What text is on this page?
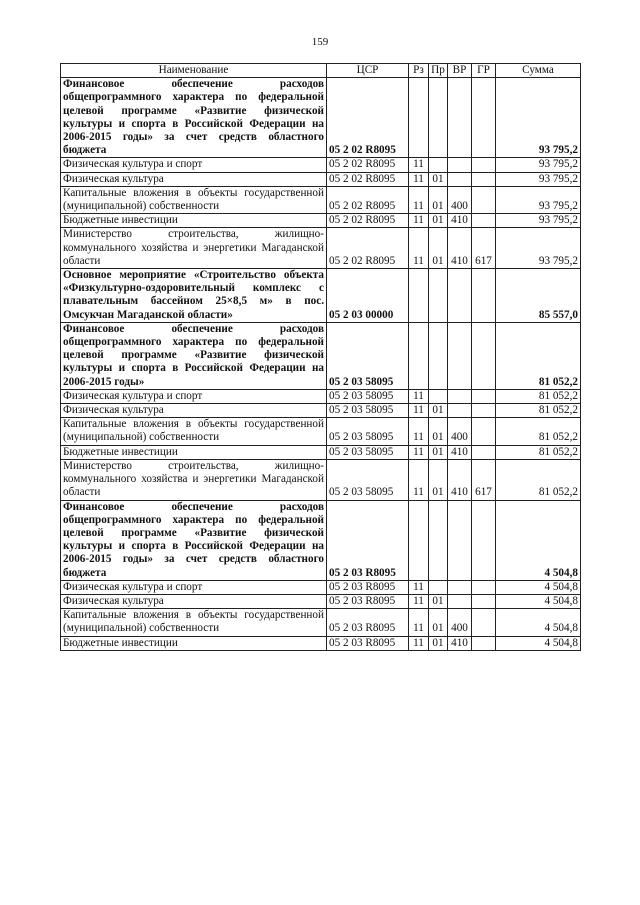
159
Наименование	ЦСР	Рз	Пр	ВР	ГР	Сумма
Финансовое обеспечение расходов общепрограммного характера по федеральной целевой программе «Развитие физической культуры и спорта в Российской Федерации на 2006-2015 годы» за счет средств областного бюджета	05 2 02 R8095					93 795,2
Физическая культура и спорт	05 2 02 R8095	11				93 795,2
Физическая культура	05 2 02 R8095	11	01			93 795,2
Капитальные вложения в объекты государственной (муниципальной) собственности	05 2 02 R8095	11	01	400		93 795,2
Бюджетные инвестиции	05 2 02 R8095	11	01	410		93 795,2
Министерство строительства, жилищно-коммунального хозяйства и энергетики Магаданской области	05 2 02 R8095	11	01	410	617	93 795,2
Основное мероприятие «Строительство объекта «Физкультурно-оздоровительный комплекс с плавательным бассейном 25×8,5 м» в пос. Омсукчан Магаданской области»	05 2 03 00000					85 557,0
Финансовое обеспечение расходов общепрограммного характера по федеральной целевой программе «Развитие физической культуры и спорта в Российской Федерации на 2006-2015 годы»	05 2 03 58095					81 052,2
Физическая культура и спорт	05 2 03 58095	11				81 052,2
Физическая культура	05 2 03 58095	11	01			81 052,2
Капитальные вложения в объекты государственной (муниципальной) собственности	05 2 03 58095	11	01	400		81 052,2
Бюджетные инвестиции	05 2 03 58095	11	01	410		81 052,2
Министерство строительства, жилищно-коммунального хозяйства и энергетики Магаданской области	05 2 03 58095	11	01	410	617	81 052,2
Финансовое обеспечение расходов общепрограммного характера по федеральной целевой программе «Развитие физической культуры и спорта в Российской Федерации на 2006-2015 годы» за счет средств областного бюджета	05 2 03 R8095					4 504,8
Физическая культура и спорт	05 2 03 R8095	11				4 504,8
Физическая культура	05 2 03 R8095	11	01			4 504,8
Капитальные вложения в объекты государственной (муниципальной) собственности	05 2 03 R8095	11	01	400		4 504,8
Бюджетные инвестиции	05 2 03 R8095	11	01	410		4 504,8
